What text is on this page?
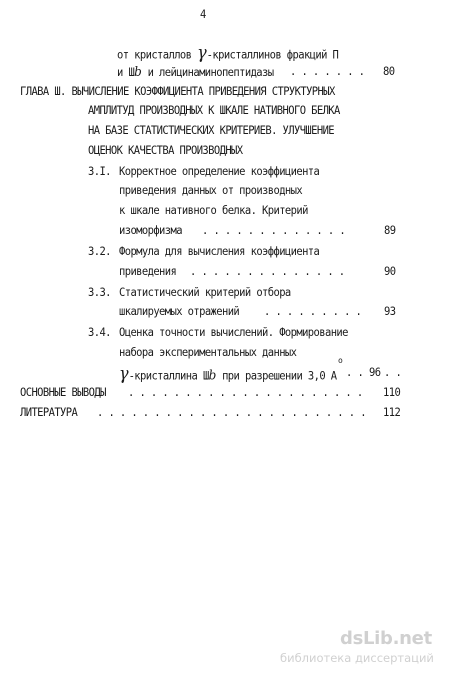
4
от кристаллов γ-кристаллинов фракций П
и Шb и лейцинаминопептидазы . . . . . . . 80
ГЛАВА Ш. ВЫЧИСЛЕНИЕ КОЭФФИЦИЕНТА ПРИВЕДЕНИЯ СТРУКТУРНЫХ
АМПЛИТУД ПРОИЗВОДНЫХ К ШКАЛЕ НАТИВНОГО БЕЛКА
НА БАЗЕ СТАТИСТИЧЕСКИХ КРИТЕРИЕВ. УЛУЧШЕНИЕ
ОЦЕНОК КАЧЕСТВА ПРОИЗВОДНЫХ
3.I. Корректное определение коэффициента
приведения данных от производных
к шкале нативного белка. Критерий
изоморфизма . . . . . . . . . . . . .	89
3.2. Формула для вычисления коэффициента
приведения . . . . . . . . . . . . . .	90
3.3. Статистический критерий отбора
шкалируемых отражений . . . . . . . . . 93
3.4. Оценка точности вычислений. Формирование
набора экспериментальных данных
γ-кристаллина Шb при разрешении 3,0 A
o
. . 96 . .
ОСНОВНЫЕ ВЫВОДЫ . . . . . . . . . . . . . . . . . . . . . 110
ЛИТЕРАТУРА . . . . . . . . . . . . . . . . . . . . . . . . 112
dsLib.net
библиотека диссертаций
